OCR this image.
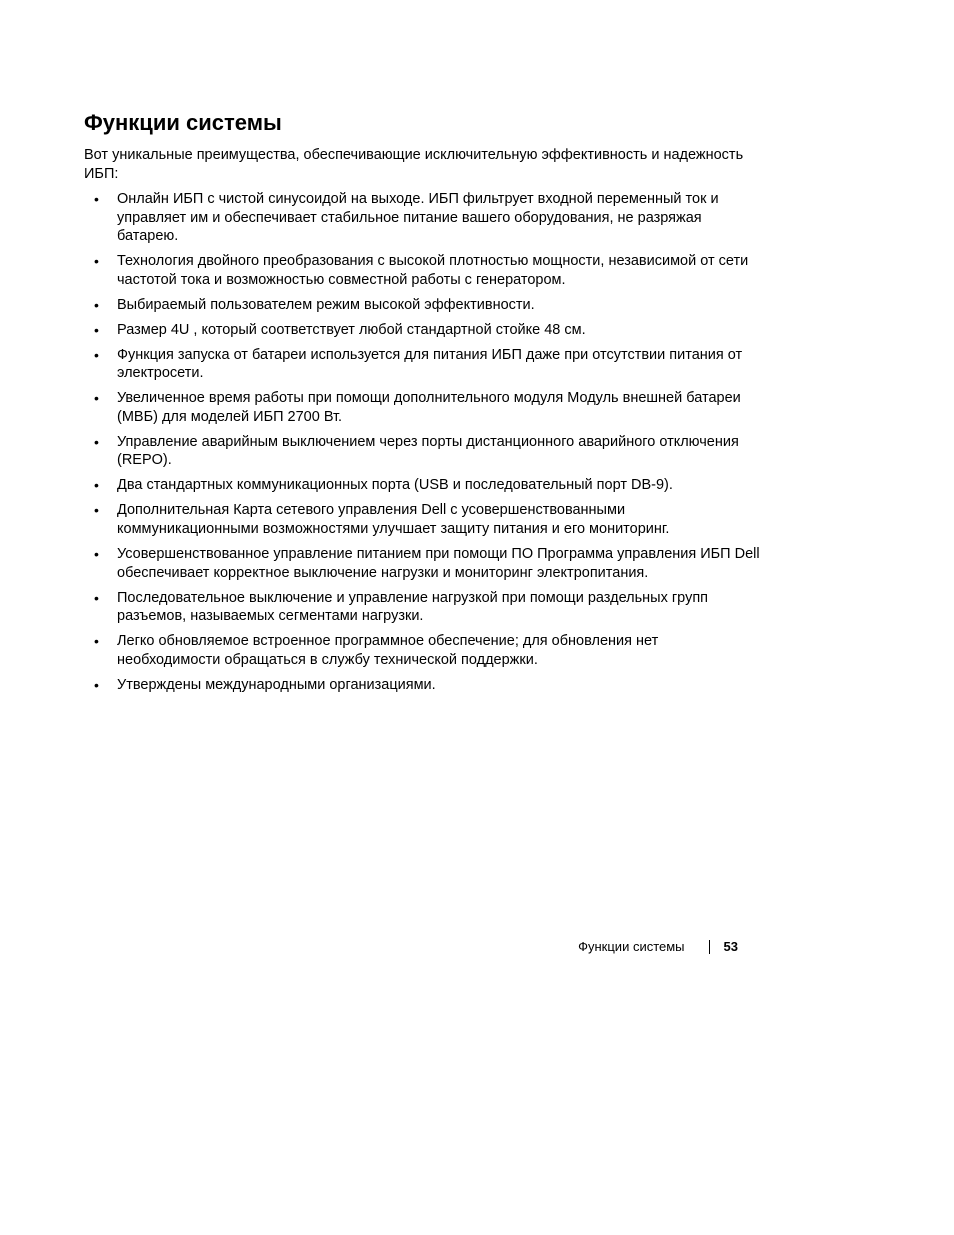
Функции системы

Вот уникальные преимущества, обеспечивающие исключительную эффективность и надежность ИБП:

• Онлайн ИБП с чистой синусоидой на выходе. ИБП фильтрует входной переменный ток и управляет им и обеспечивает стабильное питание вашего оборудования, не разряжая батарею.
• Технология двойного преобразования с высокой плотностью мощности, независимой от сети частотой тока и возможностью совместной работы с генератором.
• Выбираемый пользователем режим высокой эффективности.
• Размер 4U , который соответствует любой стандартной стойке 48 см.
• Функция запуска от батареи используется для питания ИБП даже при отсутствии питания от электросети.
• Увеличенное время работы при помощи дополнительного модуля Модуль внешней батареи (МВБ) для моделей ИБП 2700 Вт.
• Управление аварийным выключением через порты дистанционного аварийного отключения (REPO).
• Два стандартных коммуникационных порта (USB и последовательный порт DB-9).
• Дополнительная Карта сетевого управления Dell с усовершенствованными коммуникационными возможностями улучшает защиту питания и его мониторинг.
• Усовершенствованное управление питанием при помощи ПО Программа управления ИБП Dell обеспечивает корректное выключение нагрузки и мониторинг электропитания.
• Последовательное выключение и управление нагрузкой при помощи раздельных групп разъемов, называемых сегментами нагрузки.
• Легко обновляемое встроенное программное обеспечение; для обновления нет необходимости обращаться в службу технической поддержки.
• Утверждены международными организациями.
Функции системы	53
